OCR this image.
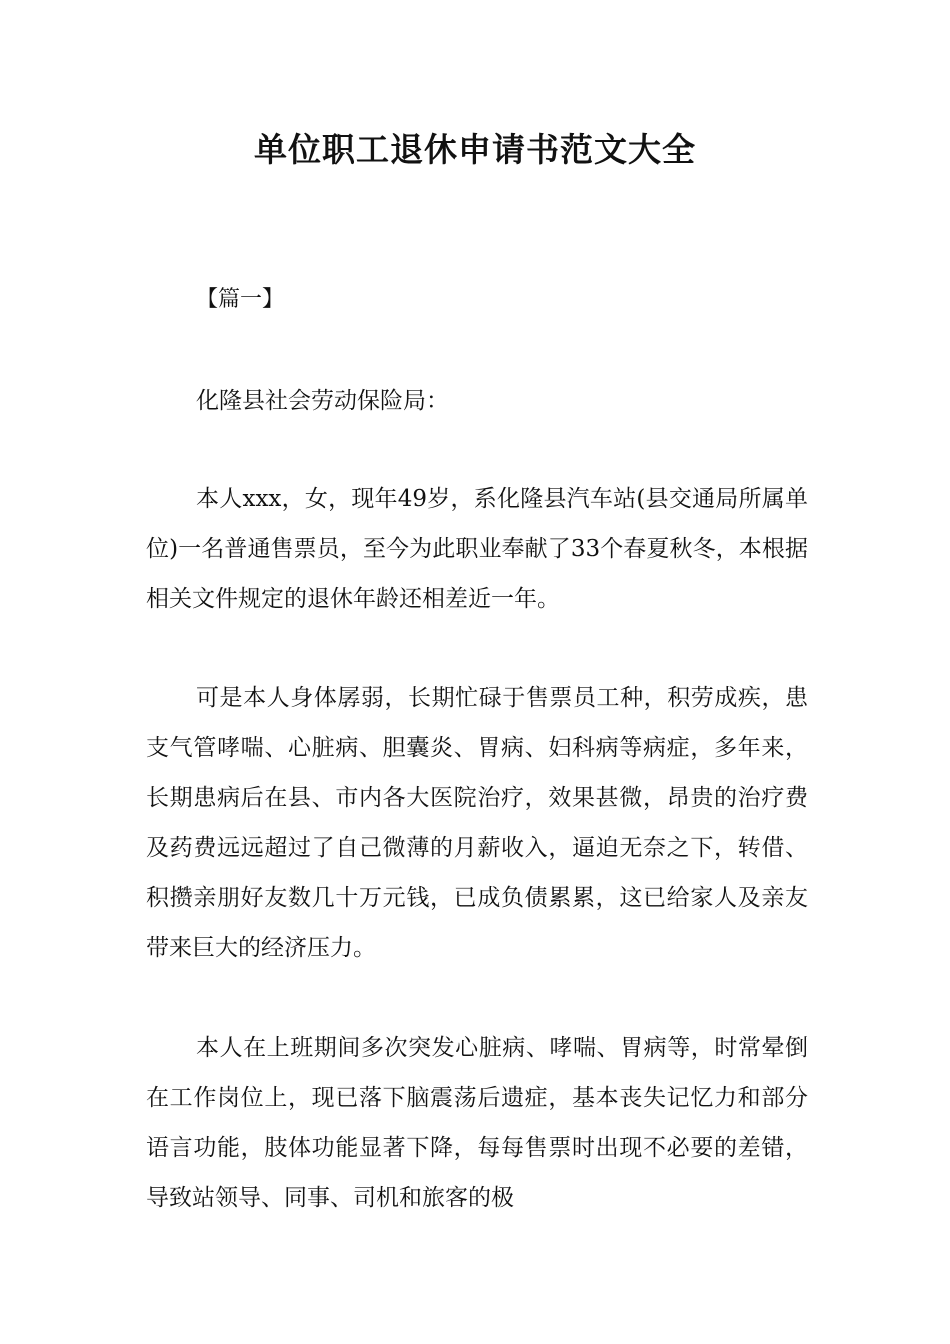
单位职工退休申请书范文大全
【篇一】

化隆县社会劳动保险局：

本人xxx，女，现年49岁，系化隆县汽车站(县交通局所属单位)一名普通售票员，至今为此职业奉献了33个春夏秋冬，本根据相关文件规定的退休年龄还相差近一年。

可是本人身体孱弱，长期忙碌于售票员工种，积劳成疾，患支气管哮喘、心脏病、胆囊炎、胃病、妇科病等病症，多年来，长期患病后在县、市内各大医院治疗，效果甚微，昂贵的治疗费及药费远远超过了自己微薄的月薪收入，逼迫无奈之下，转借、积攒亲朋好友数几十万元钱，已成负债累累，这已给家人及亲友带来巨大的经济压力。

本人在上班期间多次突发心脏病、哮喘、胃病等，时常晕倒在工作岗位上，现已落下脑震荡后遗症，基本丧失记忆力和部分语言功能，肢体功能显著下降，每每售票时出现不必要的差错，导致站领导、同事、司机和旅客的极
